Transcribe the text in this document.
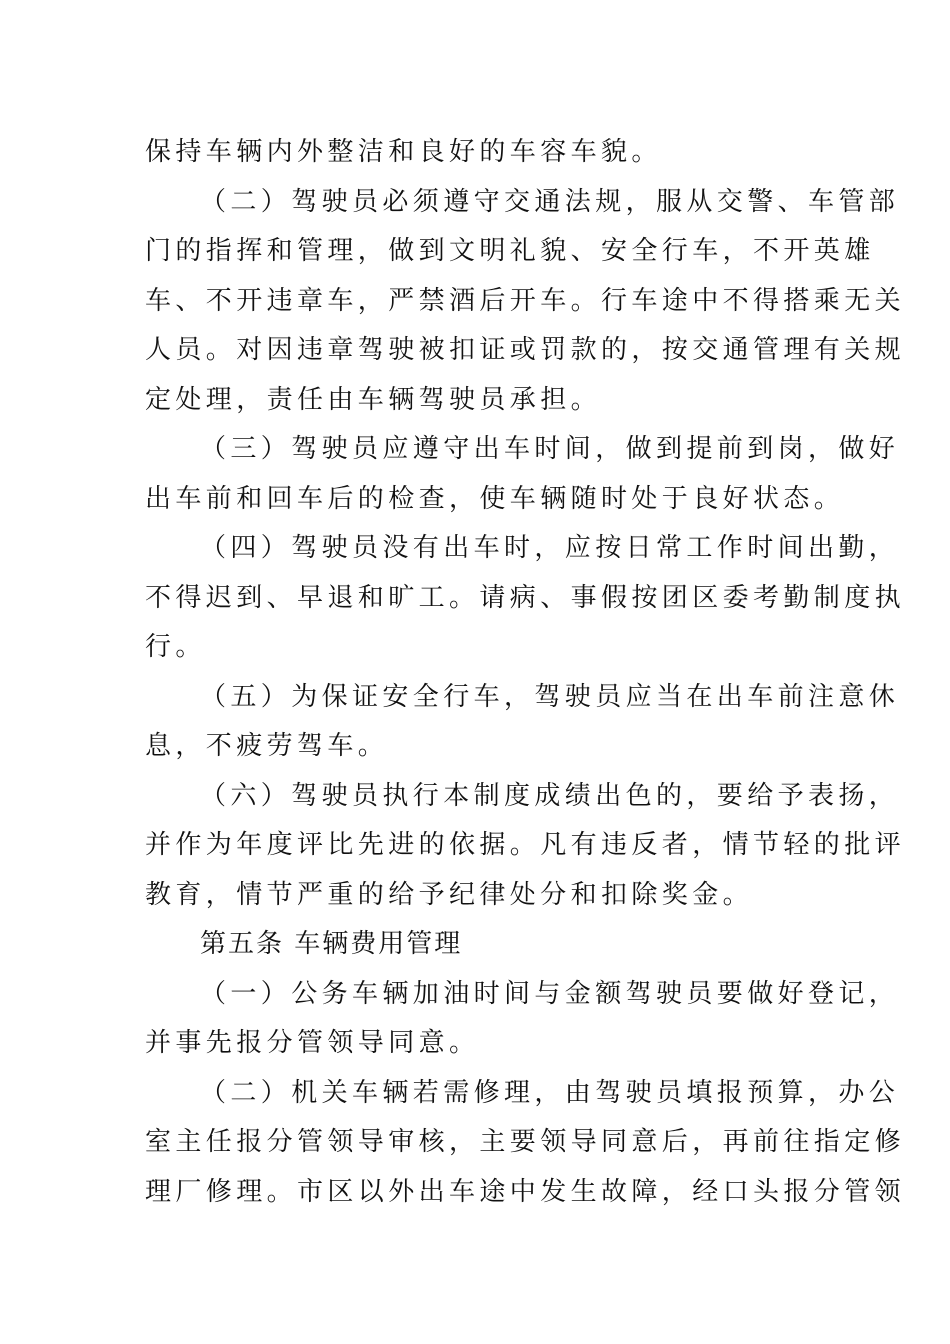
保持车辆内外整洁和良好的车容车貌。
（二）驾驶员必须遵守交通法规，服从交警、车管部
门的指挥和管理，做到文明礼貌、安全行车，不开英雄
车、不开违章车，严禁酒后开车。行车途中不得搭乘无关
人员。对因违章驾驶被扣证或罚款的，按交通管理有关规
定处理，责任由车辆驾驶员承担。
（三）驾驶员应遵守出车时间，做到提前到岗，做好
出车前和回车后的检查，使车辆随时处于良好状态。
（四）驾驶员没有出车时，应按日常工作时间出勤，
不得迟到、早退和旷工。请病、事假按团区委考勤制度执
行。
（五）为保证安全行车，驾驶员应当在出车前注意休
息，不疲劳驾车。
（六）驾驶员执行本制度成绩出色的，要给予表扬，
并作为年度评比先进的依据。凡有违反者，情节轻的批评
教育，情节严重的给予纪律处分和扣除奖金。
第五条 车辆费用管理
（一）公务车辆加油时间与金额驾驶员要做好登记，
并事先报分管领导同意。
（二）机关车辆若需修理，由驾驶员填报预算，办公
室主任报分管领导审核，主要领导同意后，再前往指定修
理厂修理。市区以外出车途中发生故障，经口头报分管领
